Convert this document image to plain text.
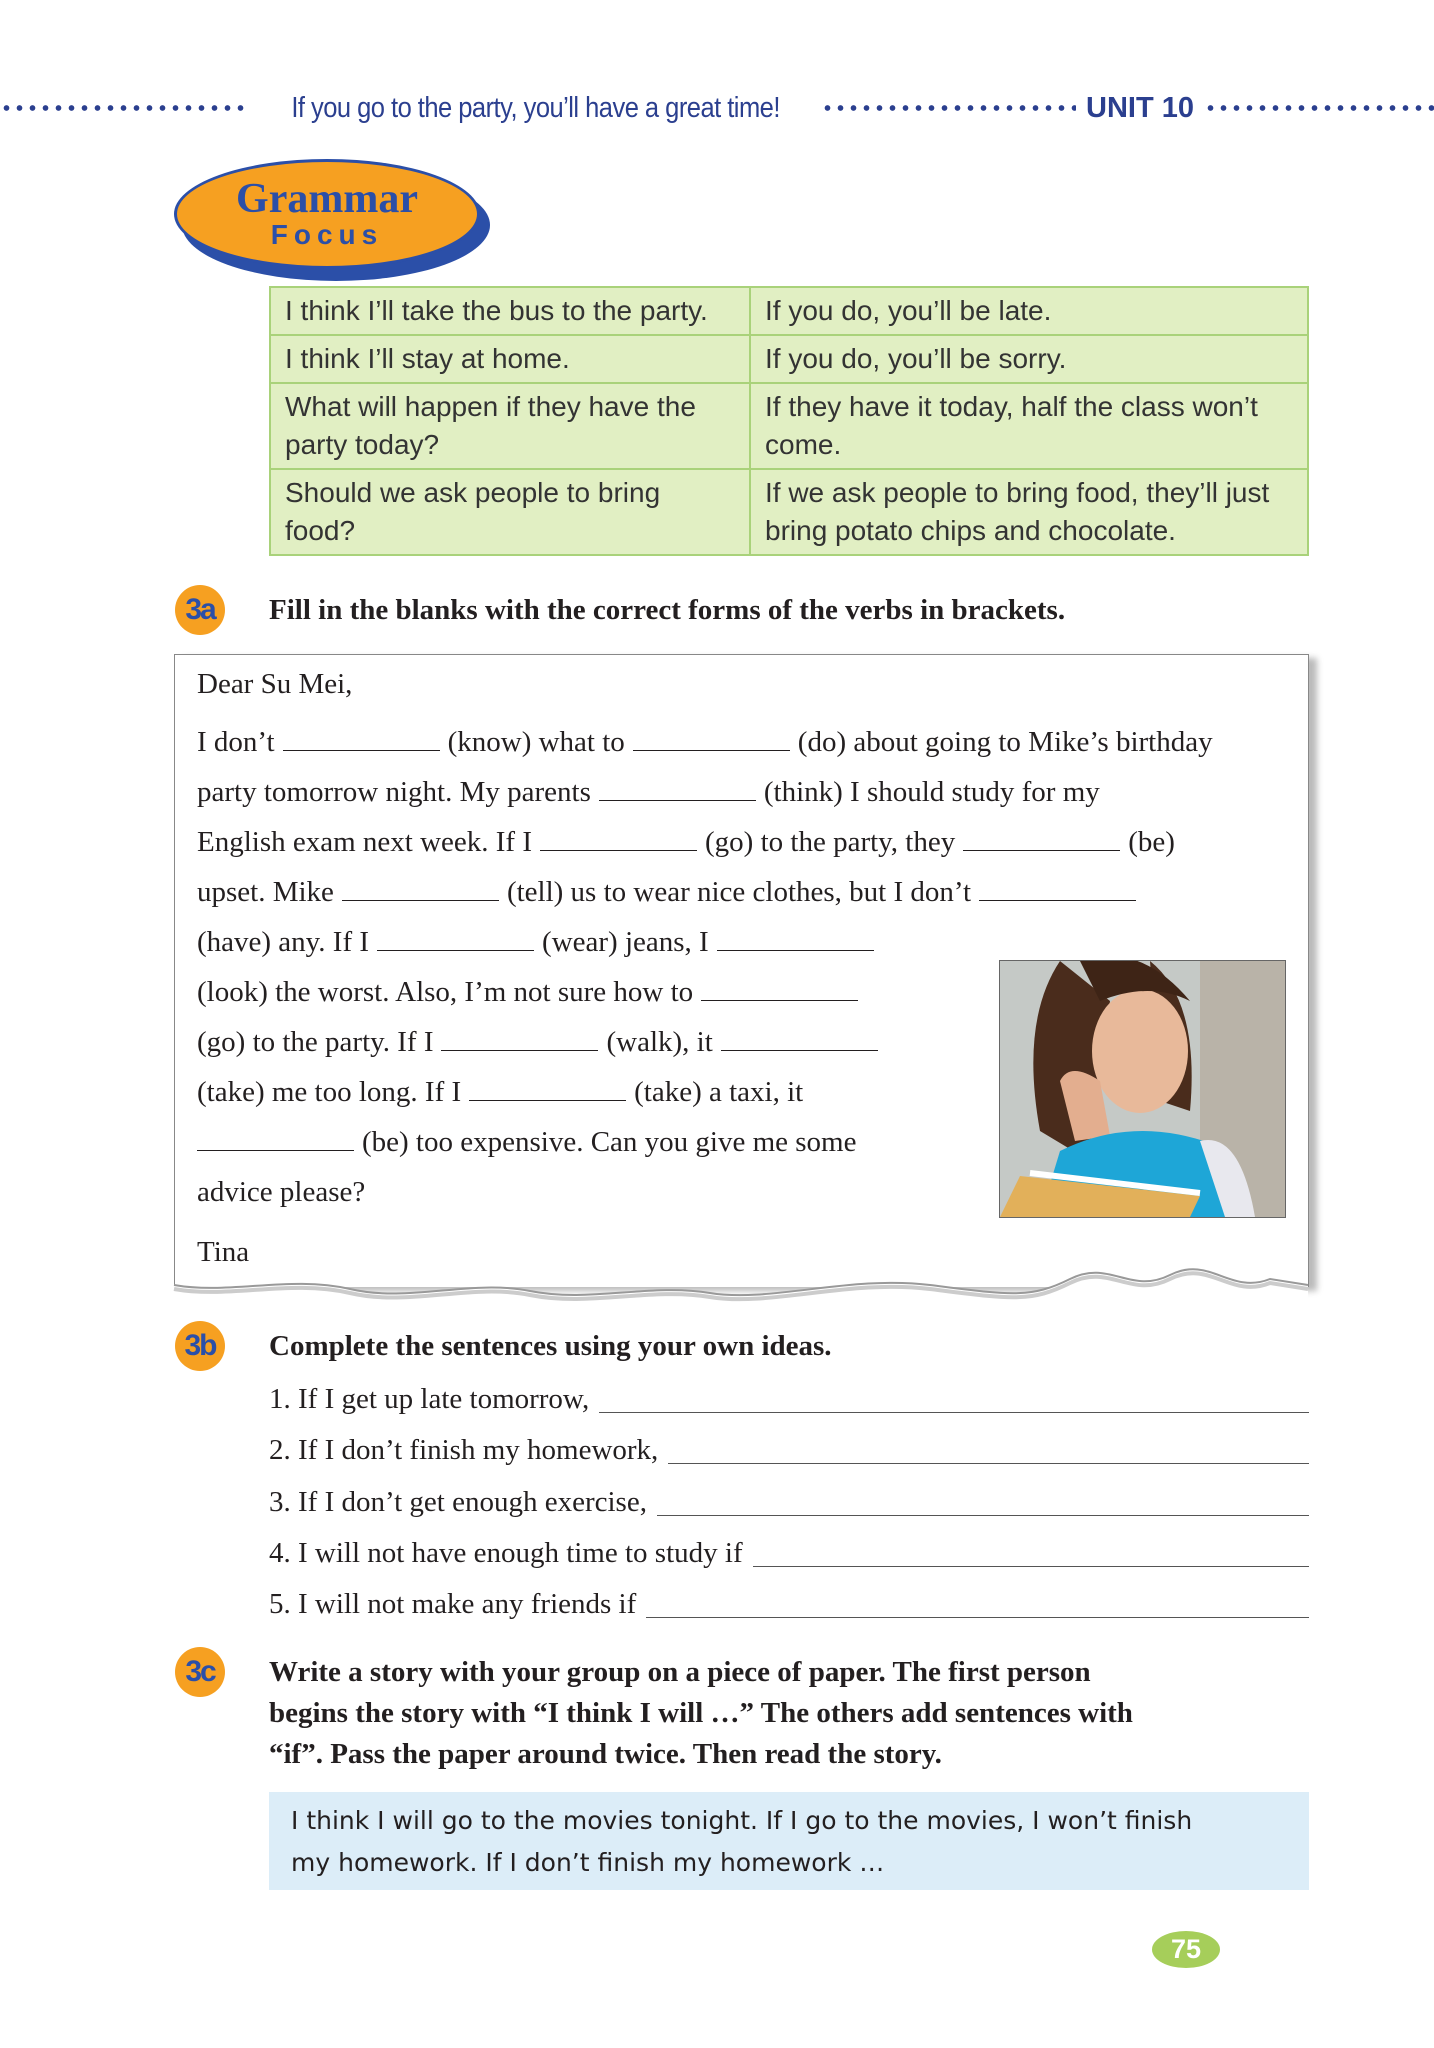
If you go to the party, you’ll have a great time!	UNIT 10
Grammar
Focus
I think I’ll take the bus to the party.	If you do, you’ll be late.
I think I’ll stay at home.	If you do, you’ll be sorry.
What will happen if they have the party today?	If they have it today, half the class won’t come.
Should we ask people to bring food?	If we ask people to bring food, they’ll just bring potato chips and chocolate.
3a	Fill in the blanks with the correct forms of the verbs in brackets.
Dear Su Mei,
I don’t	(know) what to	(do) about going to Mike’s birthday
party tomorrow night. My parents	(think) I should study for my
English exam next week. If I	(go) to the party, they	(be)
upset. Mike	(tell) us to wear nice clothes, but I don’t
(have) any. If I	(wear) jeans, I
(look) the worst. Also, I’m not sure how to
(go) to the party. If I	(walk), it
(take) me too long. If I	(take) a taxi, it
(be) too expensive. Can you give me some
advice please?
Tina
3b	Complete the sentences using your own ideas.
1. If I get up late tomorrow,
2. If I don’t finish my homework,
3. If I don’t get enough exercise,
4. I will not have enough time to study if
5. I will not make any friends if
3c	Write a story with your group on a piece of paper. The first person
begins the story with “I think I will …” The others add sentences with
“if”. Pass the paper around twice. Then read the story.
I think I will go to the movies tonight. If I go to the movies, I won’t finish
my homework. If I don’t finish my homework …
75
